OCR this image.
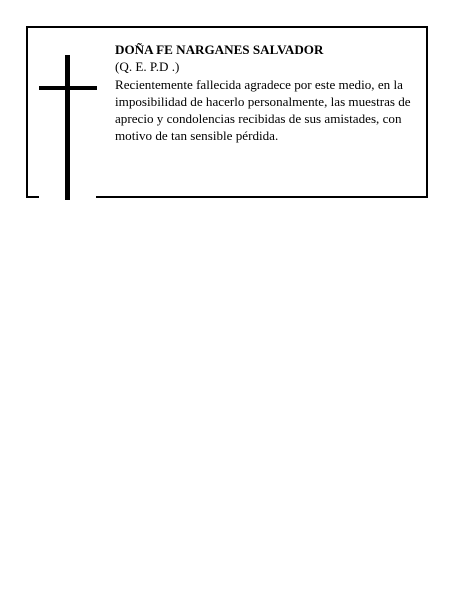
DOÑA FE NARGANES SALVADOR

(Q. E. P.D .)

Recientemente fallecida agradece por este medio, en la imposibilidad de hacerlo personalmente, las muestras de aprecio y condolencias recibidas de sus amistades, con motivo de tan sensible pérdida.
